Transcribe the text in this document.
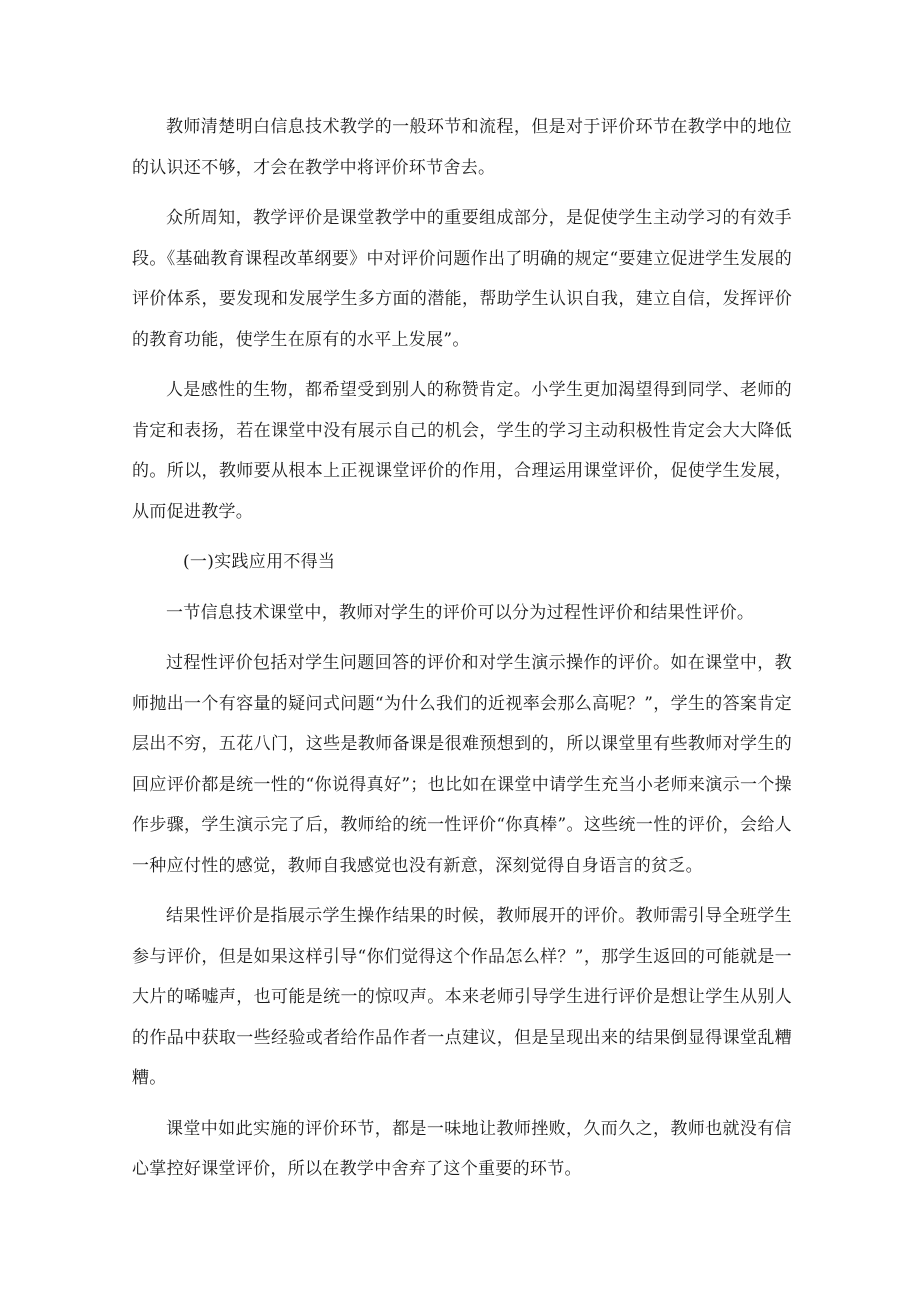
教师清楚明白信息技术教学的一般环节和流程，但是对于评价环节在教学中的地位的认识还不够，才会在教学中将评价环节舍去。

众所周知，教学评价是课堂教学中的重要组成部分，是促使学生主动学习的有效手段。《基础教育课程改革纲要》中对评价问题作出了明确的规定“要建立促进学生发展的评价体系，要发现和发展学生多方面的潜能，帮助学生认识自我，建立自信，发挥评价的教育功能，使学生在原有的水平上发展”。

人是感性的生物，都希望受到别人的称赞肯定。小学生更加渴望得到同学、老师的肯定和表扬，若在课堂中没有展示自己的机会，学生的学习主动积极性肯定会大大降低的。所以，教师要从根本上正视课堂评价的作用，合理运用课堂评价，促使学生发展，从而促进教学。

(一)实践应用不得当

一节信息技术课堂中，教师对学生的评价可以分为过程性评价和结果性评价。

过程性评价包括对学生问题回答的评价和对学生演示操作的评价。如在课堂中，教师抛出一个有容量的疑问式问题“为什么我们的近视率会那么高呢？”，学生的答案肯定层出不穷，五花八门，这些是教师备课是很难预想到的，所以课堂里有些教师对学生的回应评价都是统一性的“你说得真好”；也比如在课堂中请学生充当小老师来演示一个操作步骤，学生演示完了后，教师给的统一性评价“你真棒”。这些统一性的评价，会给人一种应付性的感觉，教师自我感觉也没有新意，深刻觉得自身语言的贫乏。

结果性评价是指展示学生操作结果的时候，教师展开的评价。教师需引导全班学生参与评价，但是如果这样引导“你们觉得这个作品怎么样？”，那学生返回的可能就是一大片的唏嘘声，也可能是统一的惊叹声。本来老师引导学生进行评价是想让学生从别人的作品中获取一些经验或者给作品作者一点建议，但是呈现出来的结果倒显得课堂乱糟糟。

课堂中如此实施的评价环节，都是一味地让教师挫败，久而久之，教师也就没有信心掌控好课堂评价，所以在教学中舍弃了这个重要的环节。
